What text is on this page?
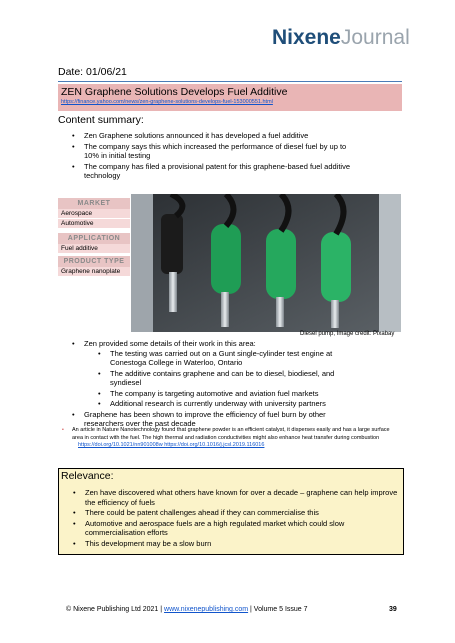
NixeneJournal
Date: 01/06/21
ZEN Graphene Solutions Develops Fuel Additive
https://finance.yahoo.com/news/zen-graphene-solutions-develops-fuel-153000551.html
Content summary:
• Zen Graphene solutions announced it has developed a fuel additive
• The company says this which increased the performance of diesel fuel by up to 10% in initial testing
• The company has filed a provisional patent for this graphene-based fuel additive technology
MARKET
Aerospace
Automotive
APPLICATION
Fuel additive
PRODUCT TYPE
Graphene nanoplate
Diesel pump, Image credit: Pixabay
• Zen provided some details of their work in this area:
• The testing was carried out on a Gunt single-cylinder test engine at Conestoga College in Waterloo, Ontario
• The additive contains graphene and can be to diesel, biodiesel, and syndiesel
• The company is targeting automotive and aviation fuel markets
• Additional research is currently underway with university partners
• Graphene has been shown to improve the efficiency of fuel burn by other researchers over the past decade
▪ An article in Nature Nanotechnology found that graphene powder is an efficient catalyst, it disperses easily and has a large surface area in contact with the fuel. The high thermal and radiation conductivities might also enhance heat transfer during combustion https://doi.org/10.1021/nn901008w https://doi.org/10.1016/j.jcsl.2019.116016
Relevance:
• Zen have discovered what others have known for over a decade – graphene can help improve the efficiency of fuels
• There could be patent challenges ahead if they can commercialise this
• Automotive and aerospace fuels are a high regulated market which could slow commercialisation efforts
• This development may be a slow burn
© Nixene Publishing Ltd 2021 | www.nixenepublishing.com | Volume 5 Issue 7	39
